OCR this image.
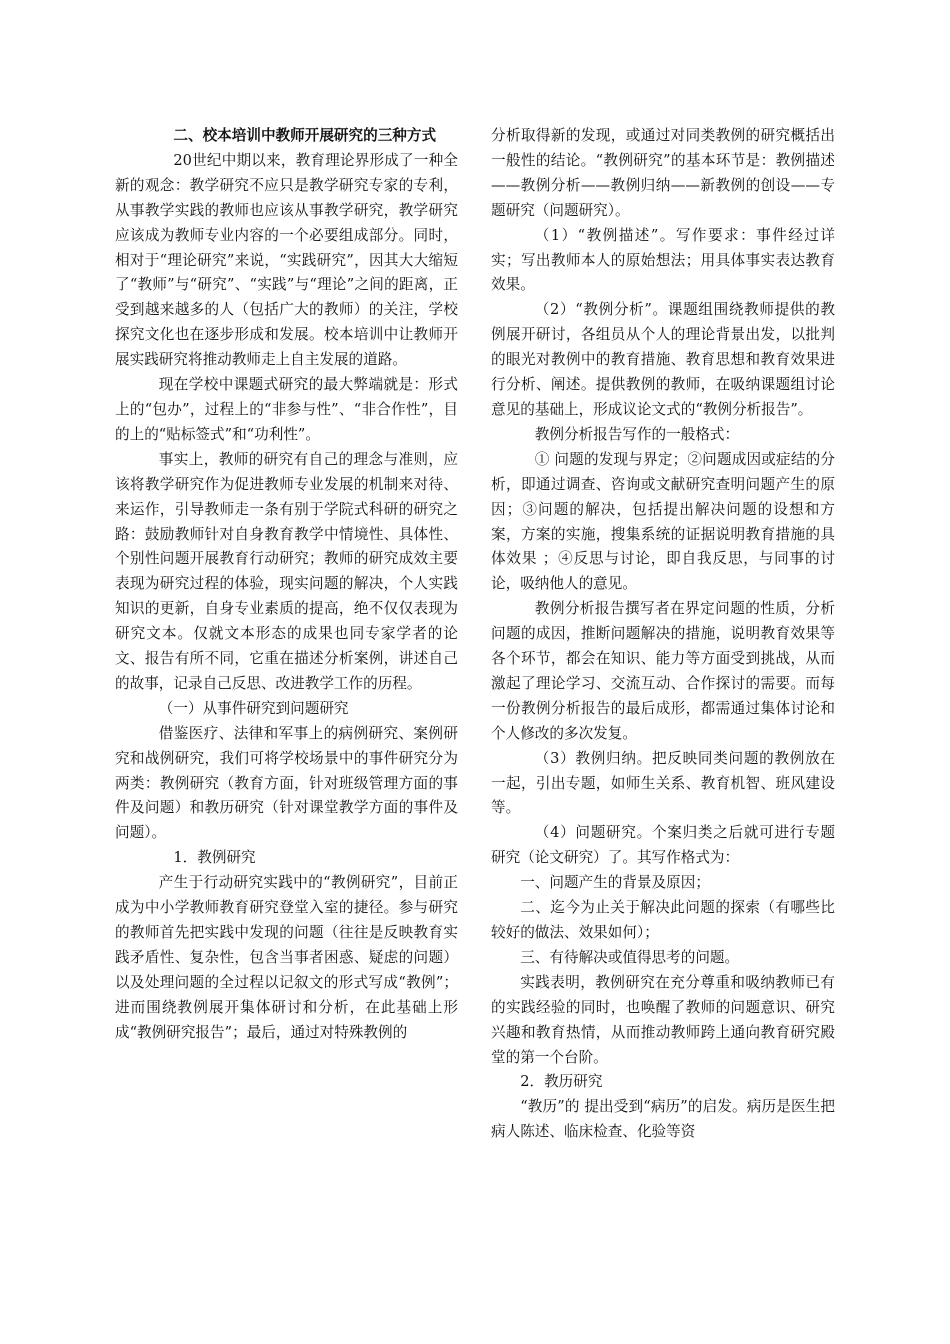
二、校本培训中教师开展研究的三种方式

20世纪中期以来，教育理论界形成了一种全新的观念：教学研究不应只是教学研究专家的专利，从事教学实践的教师也应该从事教学研究，教学研究应该成为教师专业内容的一个必要组成部分。同时，相对于“理论研究”来说，“实践研究”，因其大大缩短了“教师”与“研究”、“实践”与“理论”之间的距离，正受到越来越多的人（包括广大的教师）的关注，学校探究文化也在逐步形成和发展。校本培训中让教师开展实践研究将推动教师走上自主发展的道路。

现在学校中课题式研究的最大弊端就是：形式上的“包办”，过程上的“非参与性”、“非合作性”，目的上的“贴标签式”和“功利性”。

事实上，教师的研究有自己的理念与准则，应该将教学研究作为促进教师专业发展的机制来对待、来运作，引导教师走一条有别于学院式科研的研究之路：鼓励教师针对自身教育教学中情境性、具体性、个别性问题开展教育行动研究；教师的研究成效主要表现为研究过程的体验，现实问题的解决，个人实践知识的更新，自身专业素质的提高，绝不仅仅表现为研究文本。仅就文本形态的成果也同专家学者的论文、报告有所不同，它重在描述分析案例，讲述自己的故事，记录自己反思、改进教学工作的历程。

（一）从事件研究到问题研究

借鉴医疗、法律和军事上的病例研究、案例研究和战例研究，我们可将学校场景中的事件研究分为两类：教例研究（教育方面，针对班级管理方面的事件及问题）和教历研究（针对课堂教学方面的事件及问题）。

1．教例研究

产生于行动研究实践中的“教例研究”，目前正成为中小学教师教育研究登堂入室的捷径。参与研究的教师首先把实践中发现的问题（往往是反映教育实践矛盾性、复杂性，包含当事者困惑、疑虑的问题）以及处理问题的全过程以记叙文的形式写成“教例”；进而围绕教例展开集体研讨和分析，在此基础上形成“教例研究报告”；最后，通过对特殊教例的

分析取得新的发现，或通过对同类教例的研究概括出一般性的结论。“教例研究”的基本环节是：教例描述——教例分析——教例归纳——新教例的创设——专题研究（问题研究）。

（1）“教例描述”。写作要求：事件经过详实；写出教师本人的原始想法；用具体事实表达教育效果。

（2）“教例分析”。课题组围绕教师提供的教例展开研讨，各组员从个人的理论背景出发，以批判的眼光对教例中的教育措施、教育思想和教育效果进行分析、阐述。提供教例的教师，在吸纳课题组讨论意见的基础上，形成议论文式的“教例分析报告”。

教例分析报告写作的一般格式：

① 问题的发现与界定；②问题成因或症结的分析，即通过调查、咨询或文献研究查明问题产生的原因；③问题的解决，包括提出解决问题的设想和方案，方案的实施，搜集系统的证据说明教育措施的具体效果 ；④反思与讨论，即自我反思，与同事的讨论，吸纳他人的意见。

教例分析报告撰写者在界定问题的性质，分析问题的成因，推断问题解决的措施，说明教育效果等各个环节，都会在知识、能力等方面受到挑战，从而激起了理论学习、交流互动、合作探讨的需要。而每一份教例分析报告的最后成形，都需通过集体讨论和个人修改的多次发复。

（3）教例归纳。把反映同类问题的教例放在一起，引出专题，如师生关系、教育机智、班风建设等。

（4）问题研究。个案归类之后就可进行专题研究（论文研究）了。其写作格式为：

一、问题产生的背景及原因；

二、迄今为止关于解决此问题的探索（有哪些比较好的做法、效果如何）；

三、有待解决或值得思考的问题。

实践表明，教例研究在充分尊重和吸纳教师已有的实践经验的同时，也唤醒了教师的问题意识、研究兴趣和教育热情，从而推动教师跨上通向教育研究殿堂的第一个台阶。

2．教历研究

“教历”的 提出受到“病历”的启发。病历是医生把病人陈述、临床检查、化验等资
